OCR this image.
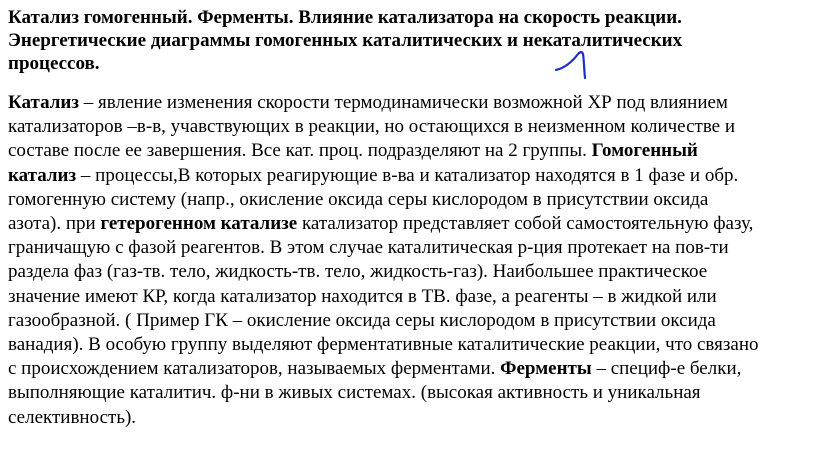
Катализ гомогенный. Ферменты. Влияние катализатора на скорость реакции.
Энергетические диаграммы гомогенных каталитических и некаталитических
процессов.
Катализ – явление изменения скорости термодинамически возможной ХР под влиянием
катализаторов –в-в, учавствующих в реакции, но остающихся в неизменном количестве и
составе после ее завершения. Все кат. проц. подразделяют на 2 группы. Гомогенный
катализ – процессы,В которых реагирующие в-ва и катализатор находятся в 1 фазе и обр.
гомогенную систему (напр., окисление оксида серы кислородом в присутствии оксида
азота). при гетерогенном катализе катализатор представляет собой самостоятельную фазу,
граничащую с фазой реагентов. В этом случае каталитическая р-ция протекает на пов-ти
раздела фаз (газ-тв. тело, жидкость-тв. тело, жидкость-газ). Наибольшее практическое
значение имеют КР, когда катализатор находится в ТВ. фазе, а реагенты – в жидкой или
газообразной. ( Пример ГК – окисление оксида серы кислородом в присутствии оксида
ванадия). В особую группу выделяют ферментативные каталитические реакции, что связано
с происхождением катализаторов, называемых ферментами. Ферменты – специф-е белки,
выполняющие каталитич. ф-ни в живых системах. (высокая активность и уникальная
селективность).
